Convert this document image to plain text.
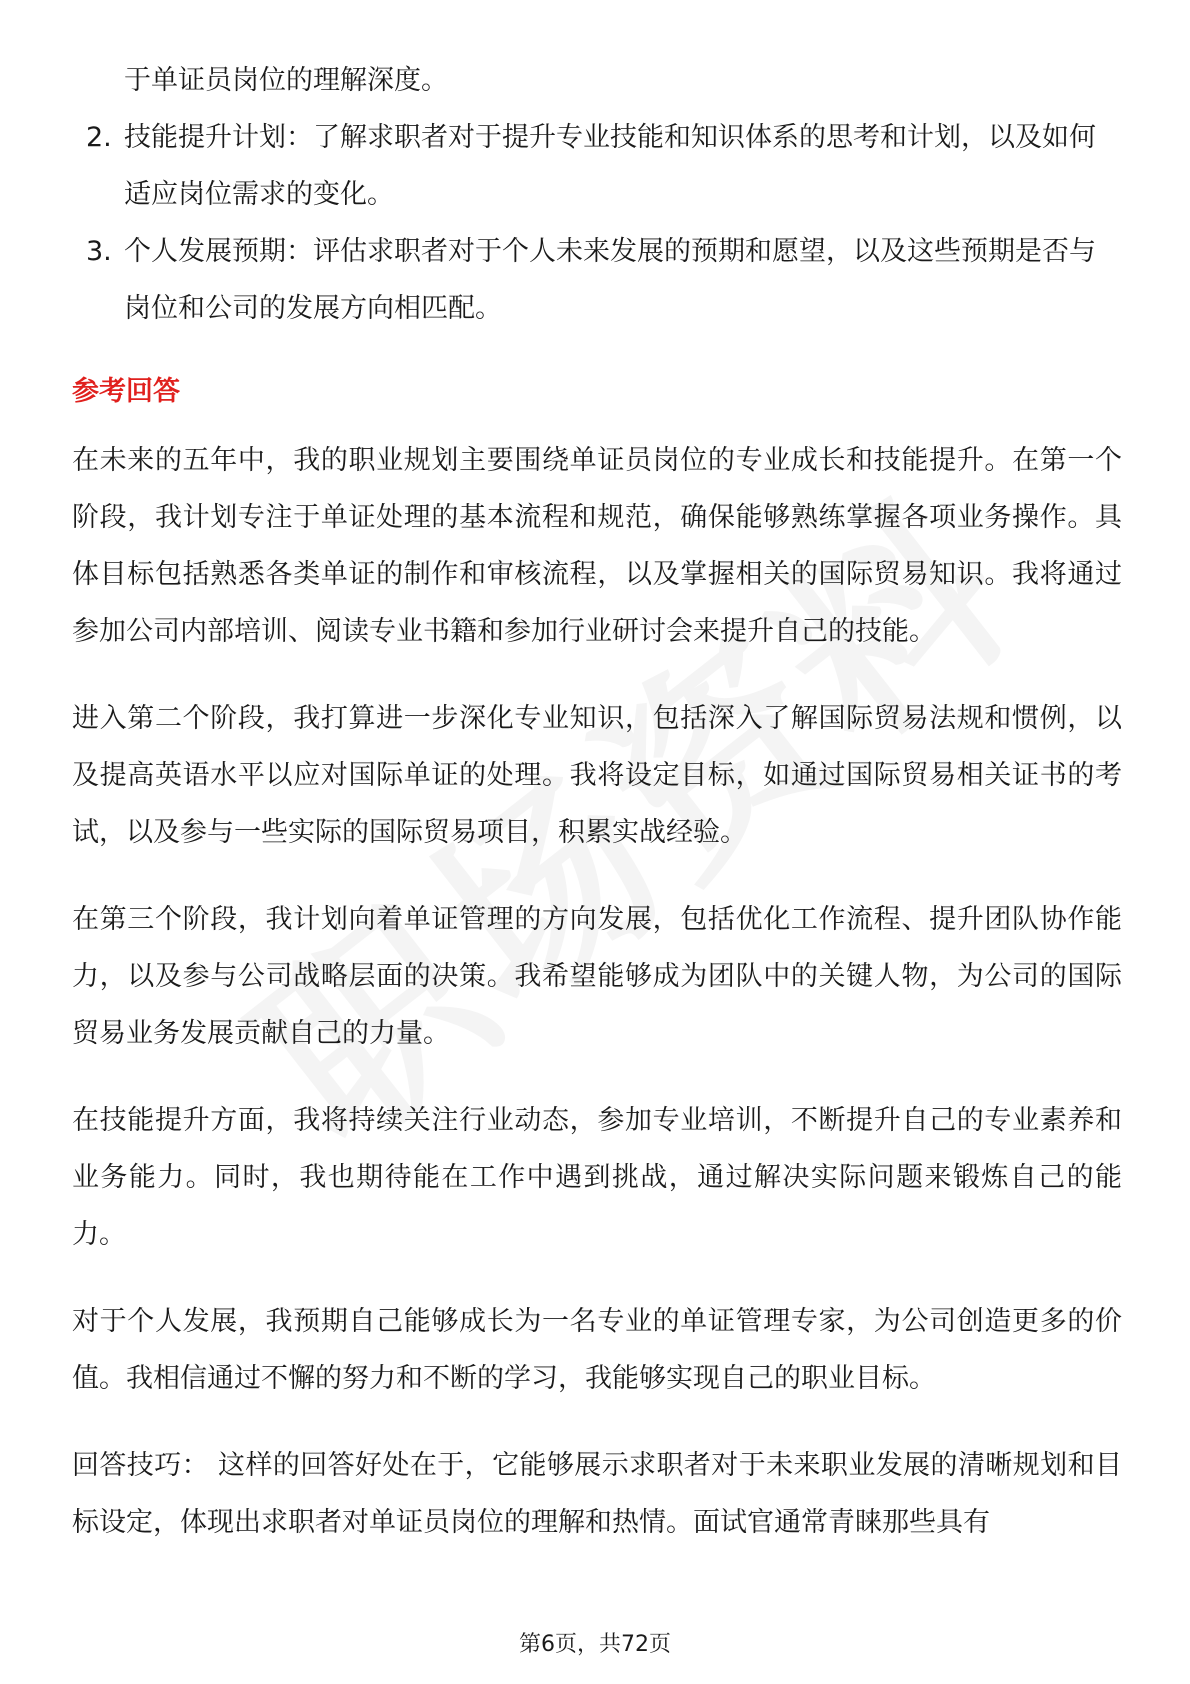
于单证员岗位的理解深度。
2. 技能提升计划：了解求职者对于提升专业技能和知识体系的思考和计划，以及如何适应岗位需求的变化。
3. 个人发展预期：评估求职者对于个人未来发展的预期和愿望，以及这些预期是否与岗位和公司的发展方向相匹配。
参考回答

在未来的五年中，我的职业规划主要围绕单证员岗位的专业成长和技能提升。在第一个阶段，我计划专注于单证处理的基本流程和规范，确保能够熟练掌握各项业务操作。具体目标包括熟悉各类单证的制作和审核流程，以及掌握相关的国际贸易知识。我将通过参加公司内部培训、阅读专业书籍和参加行业研讨会来提升自己的技能。

进入第二个阶段，我打算进一步深化专业知识，包括深入了解国际贸易法规和惯例，以及提高英语水平以应对国际单证的处理。我将设定目标，如通过国际贸易相关证书的考试，以及参与一些实际的国际贸易项目，积累实战经验。

在第三个阶段，我计划向着单证管理的方向发展，包括优化工作流程、提升团队协作能力，以及参与公司战略层面的决策。我希望能够成为团队中的关键人物，为公司的国际贸易业务发展贡献自己的力量。

在技能提升方面，我将持续关注行业动态，参加专业培训，不断提升自己的专业素养和业务能力。同时，我也期待能在工作中遇到挑战，通过解决实际问题来锻炼自己的能力。

对于个人发展，我预期自己能够成长为一名专业的单证管理专家，为公司创造更多的价值。我相信通过不懈的努力和不断的学习，我能够实现自己的职业目标。

回答技巧： 这样的回答好处在于，它能够展示求职者对于未来职业发展的清晰规划和目标设定，体现出求职者对单证员岗位的理解和热情。面试官通常青睐那些具有

第6页，共72页
